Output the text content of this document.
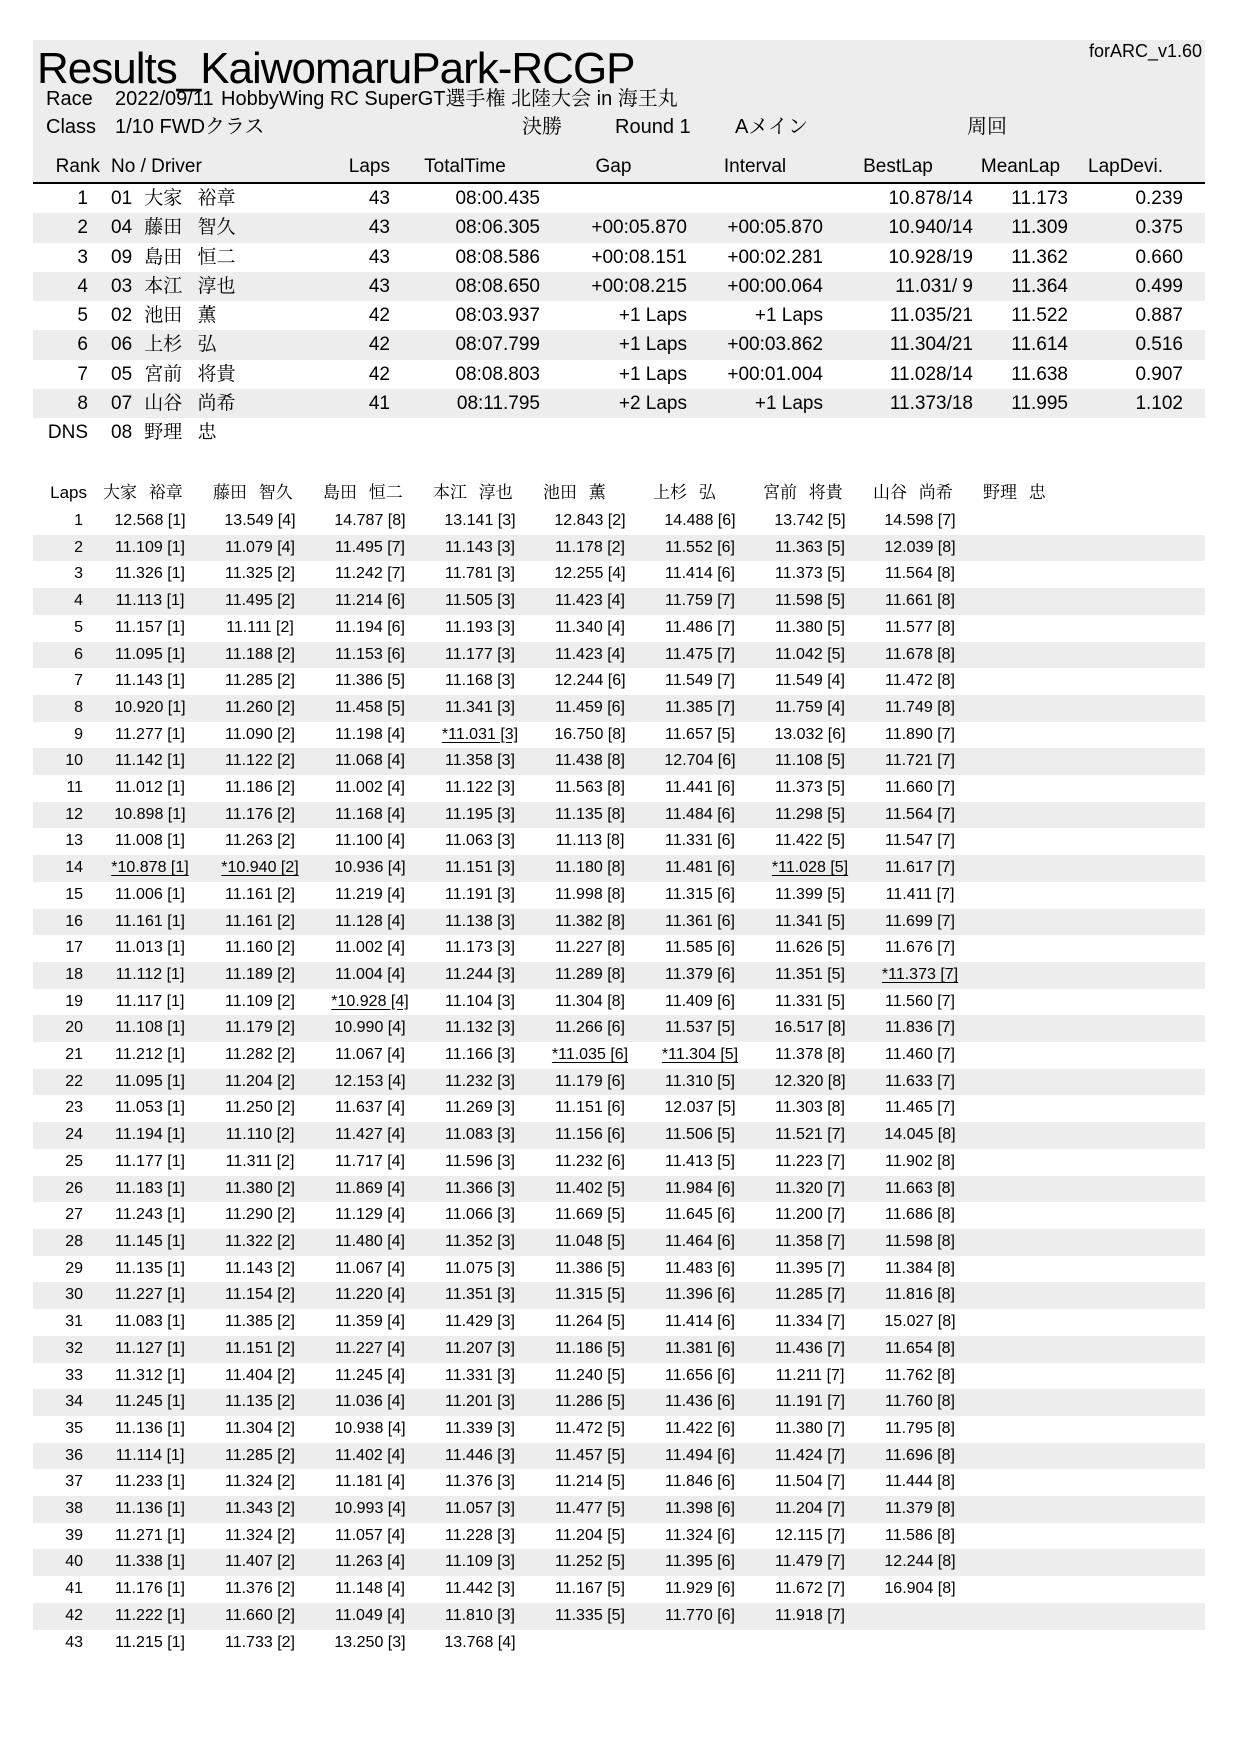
forARC_v1.60
Results_KaiwomaruPark-RCGP
Race 2022/09/11 HobbyWing RC SuperGT選手権 北陸大会 in 海王丸
Class 1/10 FWDクラス	決勝	Round 1 Aメイン	周回
Rank	No / Driver	Laps	TotalTime	Gap	Interval	BestLap	MeanLap	LapDevi.	
1	01 大家 裕章	43	08:00.435			10.878/14	11.173	0.239	
2	04 藤田 智久	43	08:06.305	+00:05.870	+00:05.870	10.940/14	11.309	0.375	
3	09 島田 恒二	43	08:08.586	+00:08.151	+00:02.281	10.928/19	11.362	0.660	
4	03 本江 淳也	43	08:08.650	+00:08.215	+00:00.064	11.031/ 9	11.364	0.499	
5	02 池田 薫	42	08:03.937	+1 Laps	+1 Laps	11.035/21	11.522	0.887	
6	06 上杉 弘	42	08:07.799	+1 Laps	+00:03.862	11.304/21	11.614	0.516	
7	05 宮前 将貴	42	08:08.803	+1 Laps	+00:01.004	11.028/14	11.638	0.907	
8	07 山谷 尚希	41	08:11.795	+2 Laps	+1 Laps	11.373/18	11.995	1.102	
DNS	08 野理 忠								
Laps	大家 裕章	藤田 智久	島田 恒二	本江 淳也	池田 薫	上杉 弘	宮前 将貴	山谷 尚希	野理 忠	
1	12.568 [1]	13.549 [4]	14.787 [8]	13.141 [3]	12.843 [2]	14.488 [6]	13.742 [5]	14.598 [7]		
2	11.109 [1]	11.079 [4]	11.495 [7]	11.143 [3]	11.178 [2]	11.552 [6]	11.363 [5]	12.039 [8]		
3	11.326 [1]	11.325 [2]	11.242 [7]	11.781 [3]	12.255 [4]	11.414 [6]	11.373 [5]	11.564 [8]		
4	11.113 [1]	11.495 [2]	11.214 [6]	11.505 [3]	11.423 [4]	11.759 [7]	11.598 [5]	11.661 [8]		
5	11.157 [1]	11.111 [2]	11.194 [6]	11.193 [3]	11.340 [4]	11.486 [7]	11.380 [5]	11.577 [8]		
6	11.095 [1]	11.188 [2]	11.153 [6]	11.177 [3]	11.423 [4]	11.475 [7]	11.042 [5]	11.678 [8]		
7	11.143 [1]	11.285 [2]	11.386 [5]	11.168 [3]	12.244 [6]	11.549 [7]	11.549 [4]	11.472 [8]		
8	10.920 [1]	11.260 [2]	11.458 [5]	11.341 [3]	11.459 [6]	11.385 [7]	11.759 [4]	11.749 [8]		
9	11.277 [1]	11.090 [2]	11.198 [4]	*11.031 [3]	16.750 [8]	11.657 [5]	13.032 [6]	11.890 [7]		
10	11.142 [1]	11.122 [2]	11.068 [4]	11.358 [3]	11.438 [8]	12.704 [6]	11.108 [5]	11.721 [7]		
11	11.012 [1]	11.186 [2]	11.002 [4]	11.122 [3]	11.563 [8]	11.441 [6]	11.373 [5]	11.660 [7]		
12	10.898 [1]	11.176 [2]	11.168 [4]	11.195 [3]	11.135 [8]	11.484 [6]	11.298 [5]	11.564 [7]		
13	11.008 [1]	11.263 [2]	11.100 [4]	11.063 [3]	11.113 [8]	11.331 [6]	11.422 [5]	11.547 [7]		
14	*10.878 [1]	*10.940 [2]	10.936 [4]	11.151 [3]	11.180 [8]	11.481 [6]	*11.028 [5]	11.617 [7]		
15	11.006 [1]	11.161 [2]	11.219 [4]	11.191 [3]	11.998 [8]	11.315 [6]	11.399 [5]	11.411 [7]		
16	11.161 [1]	11.161 [2]	11.128 [4]	11.138 [3]	11.382 [8]	11.361 [6]	11.341 [5]	11.699 [7]		
17	11.013 [1]	11.160 [2]	11.002 [4]	11.173 [3]	11.227 [8]	11.585 [6]	11.626 [5]	11.676 [7]		
18	11.112 [1]	11.189 [2]	11.004 [4]	11.244 [3]	11.289 [8]	11.379 [6]	11.351 [5]	*11.373 [7]		
19	11.117 [1]	11.109 [2]	*10.928 [4]	11.104 [3]	11.304 [8]	11.409 [6]	11.331 [5]	11.560 [7]		
20	11.108 [1]	11.179 [2]	10.990 [4]	11.132 [3]	11.266 [6]	11.537 [5]	16.517 [8]	11.836 [7]		
21	11.212 [1]	11.282 [2]	11.067 [4]	11.166 [3]	*11.035 [6]	*11.304 [5]	11.378 [8]	11.460 [7]		
22	11.095 [1]	11.204 [2]	12.153 [4]	11.232 [3]	11.179 [6]	11.310 [5]	12.320 [8]	11.633 [7]		
23	11.053 [1]	11.250 [2]	11.637 [4]	11.269 [3]	11.151 [6]	12.037 [5]	11.303 [8]	11.465 [7]		
24	11.194 [1]	11.110 [2]	11.427 [4]	11.083 [3]	11.156 [6]	11.506 [5]	11.521 [7]	14.045 [8]		
25	11.177 [1]	11.311 [2]	11.717 [4]	11.596 [3]	11.232 [6]	11.413 [5]	11.223 [7]	11.902 [8]		
26	11.183 [1]	11.380 [2]	11.869 [4]	11.366 [3]	11.402 [5]	11.984 [6]	11.320 [7]	11.663 [8]		
27	11.243 [1]	11.290 [2]	11.129 [4]	11.066 [3]	11.669 [5]	11.645 [6]	11.200 [7]	11.686 [8]		
28	11.145 [1]	11.322 [2]	11.480 [4]	11.352 [3]	11.048 [5]	11.464 [6]	11.358 [7]	11.598 [8]		
29	11.135 [1]	11.143 [2]	11.067 [4]	11.075 [3]	11.386 [5]	11.483 [6]	11.395 [7]	11.384 [8]		
30	11.227 [1]	11.154 [2]	11.220 [4]	11.351 [3]	11.315 [5]	11.396 [6]	11.285 [7]	11.816 [8]		
31	11.083 [1]	11.385 [2]	11.359 [4]	11.429 [3]	11.264 [5]	11.414 [6]	11.334 [7]	15.027 [8]		
32	11.127 [1]	11.151 [2]	11.227 [4]	11.207 [3]	11.186 [5]	11.381 [6]	11.436 [7]	11.654 [8]		
33	11.312 [1]	11.404 [2]	11.245 [4]	11.331 [3]	11.240 [5]	11.656 [6]	11.211 [7]	11.762 [8]		
34	11.245 [1]	11.135 [2]	11.036 [4]	11.201 [3]	11.286 [5]	11.436 [6]	11.191 [7]	11.760 [8]		
35	11.136 [1]	11.304 [2]	10.938 [4]	11.339 [3]	11.472 [5]	11.422 [6]	11.380 [7]	11.795 [8]		
36	11.114 [1]	11.285 [2]	11.402 [4]	11.446 [3]	11.457 [5]	11.494 [6]	11.424 [7]	11.696 [8]		
37	11.233 [1]	11.324 [2]	11.181 [4]	11.376 [3]	11.214 [5]	11.846 [6]	11.504 [7]	11.444 [8]		
38	11.136 [1]	11.343 [2]	10.993 [4]	11.057 [3]	11.477 [5]	11.398 [6]	11.204 [7]	11.379 [8]		
39	11.271 [1]	11.324 [2]	11.057 [4]	11.228 [3]	11.204 [5]	11.324 [6]	12.115 [7]	11.586 [8]		
40	11.338 [1]	11.407 [2]	11.263 [4]	11.109 [3]	11.252 [5]	11.395 [6]	11.479 [7]	12.244 [8]		
41	11.176 [1]	11.376 [2]	11.148 [4]	11.442 [3]	11.167 [5]	11.929 [6]	11.672 [7]	16.904 [8]		
42	11.222 [1]	11.660 [2]	11.049 [4]	11.810 [3]	11.335 [5]	11.770 [6]	11.918 [7]			
43	11.215 [1]	11.733 [2]	13.250 [3]	13.768 [4]						
